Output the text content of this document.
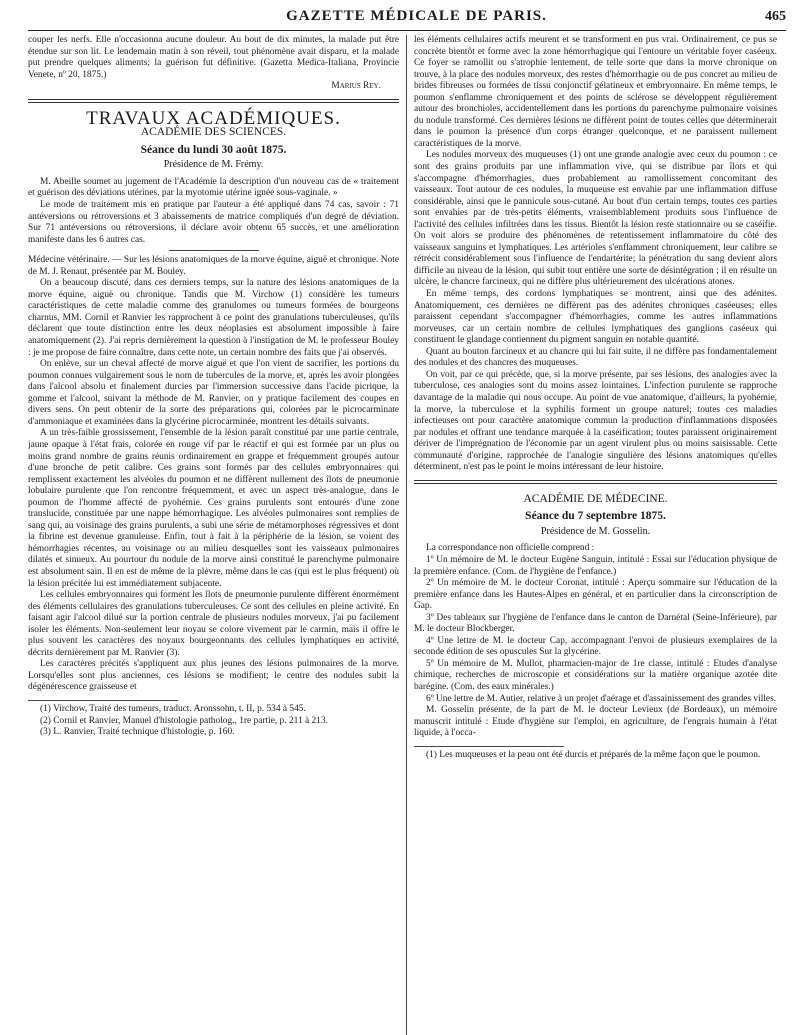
GAZETTE MÉDICALE DE PARIS.	465

couper les nerfs. Elle n'occasionna aucune douleur. Au bout de dix minutes, la malade put être étendue sur son lit. Le lendemain matin à son réveil, tout phénomène avait disparu, et la malade put prendre quelques aliments; la guérison fut définitive. (Gazetta Medica-Italiana, Provincie Venete, nº 20, 1875.)

Marius Rey.

TRAVAUX ACADÉMIQUES.
ACADÉMIE DES SCIENCES.
Séance du lundi 30 août 1875.
Présidence de M. Frémy.

M. Abeille soumet au jugement de l'Académie la description d'un nouveau cas de « traitement et guérison des déviations utérines, par la myotomie utérine ignée sous-vaginale. »

Le mode de traitement mis en pratique par l'auteur a été appliqué dans 74 cas, savoir : 71 antéversions ou rétroversions et 3 abaissements de matrice compliqués d'un degré de déviation. Sur 71 antéversions ou rétroversions, il déclare avoir obtenu 65 succès, et une amélioration manifeste dans les 6 autres cas.

Médecine vétérinaire. — Sur les lésions anatomiques de la morve équine, aiguë et chronique. Note de M. J. Renaut, présentée par M. Bouley.

On a beaucoup discuté, dans ces derniers temps, sur la nature des lésions anatomiques de la morve équine, aiguë ou chronique. Tandis que M. Virchow (1) considère les tumeurs caractéristiques de cette maladie comme des granulomes ou tumeurs formées de bourgeons charnus, MM. Cornil et Ranvier les rapprochent à ce point des granulations tuberculeuses, qu'ils déclarent que toute distinction entre les deux néoplasies est absolument impossible à faire anatomiquement (2). J'ai repris dernièrement la question à l'instigation de M. le professeur Bouley : je me propose de faire connaître, dans cette note, un certain nombre des faits que j'ai observés.

On enlève, sur un cheval affecté de morve aiguë et que l'on vient de sacrifier, les portions du poumon connues vulgairement sous le nom de tubercules de la morve, et, après les avoir plongées dans l'alcool absolu et finalement durcies par l'immersion successive dans l'acide picrique, la gomme et l'alcool, suivant la méthode de M. Ranvier, on y pratique facilement des coupes en divers sens. On peut obtenir de la sorte des préparations qui, colorées par le picrocarminate d'ammoniaque et examinées dans la glycérine picrocarminée, montrent les détails suivants.

A un très-faible grossissement, l'ensemble de la lésion paraît constitué par une partie centrale, jaune opaque à l'état frais, colorée en rouge vif par le réactif et qui est formée par un plus ou moins grand nombre de grains réunis ordinairement en grappe et fréquemment groupés autour d'une bronche de petit calibre. Ces grains sont formés par des cellules embryonnaires qui remplissent exactement les alvéoles du poumon et ne diffèrent nullement des îlots de pneumonie lobulaire purulente que l'on rencontre fréquemment, et avec un aspect très-analogue, dans le poumon de l'homme affecté de pyohémie. Ces grains purulents sont entourés d'une zone translucide, constituée par une nappe hémorrhagique. Les alvéoles pulmonaires sont remplies de sang qui, au voisinage des grains purulents, a subi une série de métamorphoses régressives et dont la fibrine est devenue granuleuse. Enfin, tout à fait à la périphérie de la lésion, se voient des hémorrhagies récentes, au voisinage ou au milieu desquelles sont les vaisseaux pulmonaires dilatés et sinueux. Au pourtour du nodule de la morve ainsi constitué le parenchyme pulmonaire est absolument sain. Il en est de même de la plèvre, même dans le cas (qui est le plus fréquent) où la lésion précitée lui est immédiatement subjacente.

Les cellules embryonnaires qui forment les îlots de pneumonie purulente diffèrent énormément des éléments cellulaires des granulations tuberculeuses. Ce sont des cellules en pleine activité. En faisant agir l'alcool dilué sur la portion centrale de plusieurs nodules morveux, j'ai pu facilement isoler les éléments. Non-seulement leur noyau se colore vivement par le carmin, mais il offre le plus souvent les caractères des noyaux bourgeonnants des cellules lymphatiques en activité, décrits dernièrement par M. Ranvier (3).

Les caractères précités s'appliquent aux plus jeunes des lésions pulmonaires de la morve. Lorsqu'elles sont plus anciennes, ces lésions se modifient; le centre des nodules subit la dégénérescence graisseuse et

(1) Virchow, Traité des tumeurs, traduct. Aronssohn, t. II, p. 534 à 545.

(2) Cornil et Ranvier, Manuel d'histologie patholog., 1re partie, p. 211 à 213.

(3) L. Ranvier, Traité technique d'histologie, p. 160.

les éléments cellulaires actifs meurent et se transforment en pus vrai. Ordinairement, ce pus se concrète bientôt et forme avec la zone hémorrhagique qui l'entoure un véritable foyer caséeux. Ce foyer se ramollit ou s'atrophie lentement, de telle sorte que dans la morve chronique on trouve, à la place des nodules morveux, des restes d'hémorrhagie ou de pus concret au milieu de brides fibreuses ou formées de tissu conjonctif gélatineux et embryonnaire. En même temps, le poumon s'enflamme chroniquement et des points de sclérose se développent régulièrement autour des bronchioles, accidentellement dans les portions du parenchyme pulmonaire voisines du nodule transformé. Ces dernières lésions ne diffèrent point de toutes celles que déterminerait dans le poumon la présence d'un corps étranger quelconque, et ne paraissent nullement caractéristiques de la morve.

Les nodules morveux des muqueuses (1) ont une grande analogie avec ceux du poumon : ce sont des grains produits par une inflammation vive, qui se distribue par îlots et qui s'accompagne d'hémorrhagies, dues probablement au ramollissement concomitant des vaisseaux. Tout autour de ces nodules, la muqueuse est envahie par une inflammation diffuse considérable, ainsi que le pannicule sous-cutané. Au bout d'un certain temps, toutes ces parties sont envahies par de très-petits éléments, vraisemblablement produits sous l'influence de l'activité des cellules infiltrées dans les tissus. Bientôt la lésion reste stationnaire ou se caséifie. On voit alors se produire des phénomènes de retentissement inflammatoire du côté des vaisseaux sanguins et lymphatiques. Les artérioles s'enflamment chroniquement, leur calibre se rétrécit considérablement sous l'influence de l'endartérite; la pénétration du sang devient alors difficile au niveau de la lésion, qui subit tout entière une sorte de désintégration ; il en résulte un ulcère, le chancre farcineux, qui ne diffère plus ultérieurement des ulcérations atones.

En même temps, des cordons lymphatiques se montrent, ainsi que des adénites. Anatomiquement, ces dernières ne diffèrent pas des adénites chroniques caséeuses; elles paraissent cependant s'accompagner d'hémorrhagies, comme les autres inflammations morveuses, car un certain nombre de cellules lymphatiques des ganglions caséeux qui constituent le glandage contiennent du pigment sanguin en notable quantité.

Quant au bouton farcineux et au chancre qui lui fait suite, il ne diffère pas fondamentalement des nodules et des chancres des muqueuses.

On voit, par ce qui précède, que, si la morve présente, par ses lésions, des analogies avec la tuberculose, ces analogies sont du moins assez lointaines. L'infection purulente se rapproche davantage de la maladie qui nous occupe. Au point de vue anatomique, d'ailleurs, la pyohémie, la morve, la tuberculose et la syphilis forment un groupe naturel; toutes ces maladies infectieuses ont pour caractère anatomique commun la production d'inflammations disposées par nodules et offrant une tendance marquée à la caséification; toutes paraissent originairement dériver de l'imprégnation de l'économie par un agent virulent plus ou moins saisissable. Cette communauté d'origine, rapprochée de l'analogie singulière des lésions anatomiques qu'elles déterminent, n'est pas le point le moins intéressant de leur histoire.

ACADÉMIE DE MÉDECINE.
Séance du 7 septembre 1875.
Présidence de M. Gosselin.

La correspondance non officielle comprend :

1º Un mémoire de M. le docteur Eugène Sanguin, intitulé : Essai sur l'éducation physique de la première enfance. (Com. de l'hygiène de l'enfance.)

2º Un mémoire de M. le docteur Coronat, intitulé : Aperçu sommaire sur l'éducation de la première enfance dans les Hautes-Alpes en général, et en particulier dans la circonscription de Gap.

3º Des tableaux sur l'hygiène de l'enfance dans le canton de Darnétal (Seine-Inférieure), par M. le docteur Blockberger.

4º Une lettre de M. le docteur Cap, accompagnant l'envoi de plusieurs exemplaires de la seconde édition de ses opuscules Sur la glycérine.

5º Un mémoire de M. Mullot, pharmacien-major de 1re classe, intitulé : Etudes d'analyse chimique, recherches de microscopie et considérations sur la matière organique azotée dite barégine. (Com. des eaux minérales.)

6º Une lettre de M. Autier, relative à un projet d'aérage et d'assainissement des grandes villes.

M. Gosselin présente, de la part de M. le docteur Levieux (de Bordeaux), un mémoire manuscrit intitulé : Etude d'hygiène sur l'emploi, en agriculture, de l'engrais humain à l'état liquide, à l'occa-

(1) Les muqueuses et la peau ont été durcis et préparés de la même façon que le poumon.
